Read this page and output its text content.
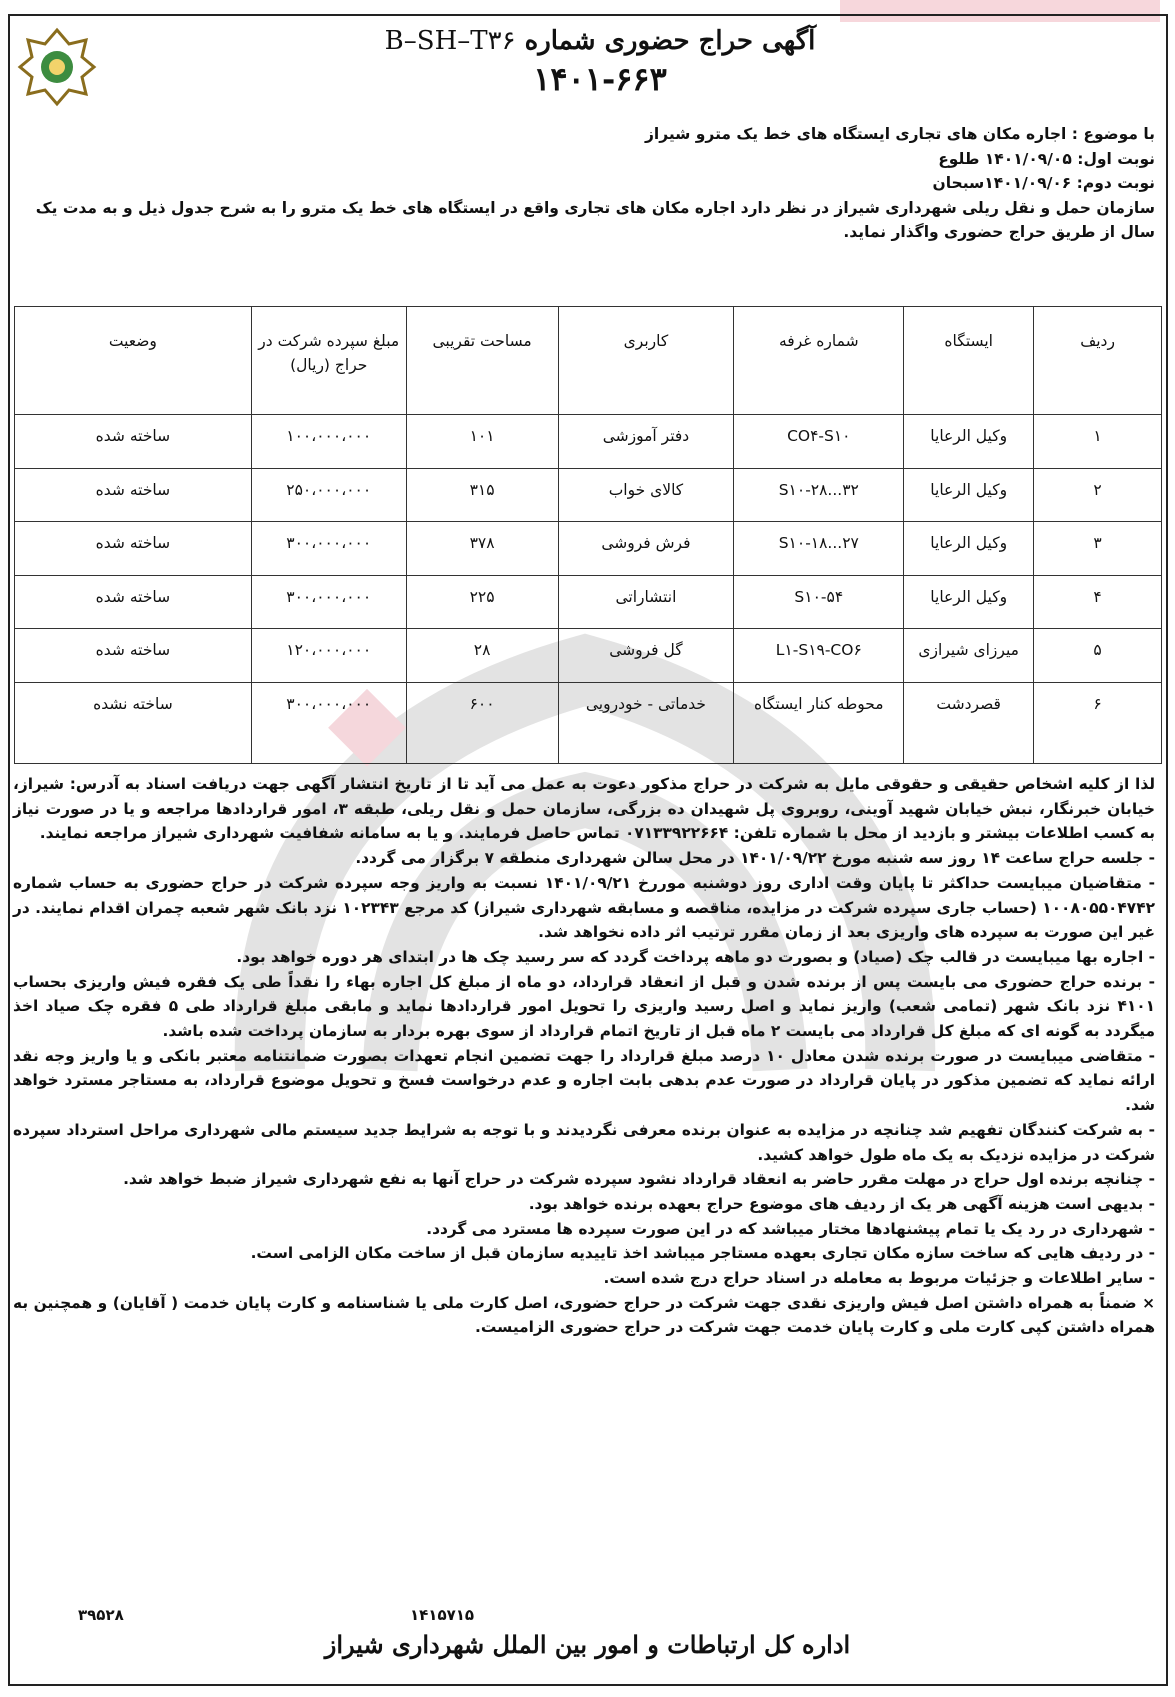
آگهی حراج حضوری شماره B–SH–T۳۶
۱۴۰۱-۶۶۳

با موضوع : اجاره مکان های تجاری ایستگاه های خط یک مترو شیراز

نوبت اول: ۱۴۰۱/۰۹/۰۵ طلوع

نوبت دوم: ۱۴۰۱/۰۹/۰۶سبحان

سازمان حمل و نقل ریلی شهرداری شیراز در نظر دارد اجاره مکان های تجاری واقع در ایستگاه های خط یک مترو را به شرح جدول ذیل و به مدت یک سال از طریق حراج حضوری واگذار نماید.

ردیف	ایستگاه	شماره غرفه	کاربری	مساحت تقریبی	مبلغ سپرده شرکت در حراج (ریال)	وضعیت
۱	وکیل الرعایا	CO۴-S۱۰	دفتر آموزشی	۱۰۱	۱۰۰،۰۰۰،۰۰۰	ساخته شده
۲	وکیل الرعایا	S۱۰-۲۸...۳۲	کالای خواب	۳۱۵	۲۵۰،۰۰۰،۰۰۰	ساخته شده
۳	وکیل الرعایا	S۱۰-۱۸...۲۷	فرش فروشی	۳۷۸	۳۰۰،۰۰۰،۰۰۰	ساخته شده
۴	وکیل الرعایا	S۱۰-۵۴	انتشاراتی	۲۲۵	۳۰۰،۰۰۰،۰۰۰	ساخته شده
۵	میرزای شیرازی	L۱-S۱۹-CO۶	گل فروشی	۲۸	۱۲۰،۰۰۰،۰۰۰	ساخته شده
۶	قصردشت	محوطه کنار ایستگاه	خدماتی - خودرویی	۶۰۰	۳۰۰،۰۰۰،۰۰۰	ساخته نشده

لذا از کلیه اشخاص حقیقی و حقوقی مایل به شرکت در حراج مذکور دعوت به عمل می آید تا از تاریخ انتشار آگهی جهت دریافت اسناد به آدرس: شیراز، خیابان خبرنگار، نبش خیابان شهید آوینی، روبروی پل شهیدان ده بزرگی، سازمان حمل و نقل ریلی، طبقه ۳، امور قراردادها مراجعه و یا در صورت نیاز به کسب اطلاعات بیشتر و بازدید از محل با شماره تلفن: ۰۷۱۳۳۹۲۲۶۶۴ تماس حاصل فرمایند. و یا به سامانه شفافیت شهرداری شیراز مراجعه نمایند.

- جلسه حراج ساعت ۱۴ روز سه شنبه مورخ ۱۴۰۱/۰۹/۲۲ در محل سالن شهرداری منطقه ۷ برگزار می گردد.

- متقاضیان میبایست حداکثر تا پایان وقت اداری روز دوشنبه موررخ ۱۴۰۱/۰۹/۲۱ نسبت به واریز وجه سپرده شرکت در حراج حضوری به حساب شماره ۱۰۰۸۰۵۵۰۴۷۴۲ (حساب جاری سپرده شرکت در مزایده، مناقصه و مسابقه شهرداری شیراز) کد مرجع ۱۰۲۳۴۳ نزد بانک شهر شعبه چمران اقدام نمایند. در غیر این صورت به سپرده های واریزی بعد از زمان مقرر ترتیب اثر داده نخواهد شد.

- اجاره بها میبایست در قالب چک (صیاد) و بصورت دو ماهه پرداخت گردد که سر رسید چک ها در ابتدای هر دوره خواهد بود.

- برنده حراج حضوری می بایست پس از برنده شدن و قبل از انعقاد قرارداد، دو ماه از مبلغ کل اجاره بهاء را نقداً طی یک فقره فیش واریزی بحساب ۴۱۰۱ نزد بانک شهر (تمامی شعب) واریز نماید و اصل رسید واریزی را تحویل امور قراردادها نماید و مابقی مبلغ قرارداد طی ۵ فقره چک صیاد اخذ میگردد به گونه ای که مبلغ کل قرارداد می بایست ۲ ماه قبل از تاریخ اتمام قرارداد از سوی بهره بردار به سازمان پرداخت شده باشد.

- متقاضی میبایست در صورت برنده شدن معادل ۱۰ درصد مبلغ قرارداد را جهت تضمین انجام تعهدات بصورت ضمانتنامه معتبر بانکی و یا واریز وجه نقد ارائه نماید که تضمین مذکور در پایان قرارداد در صورت عدم بدهی بابت اجاره و عدم درخواست فسخ و تحویل موضوع قرارداد، به مستاجر مسترد خواهد شد.

- به شرکت کنندگان تفهیم شد چنانچه در مزایده به عنوان برنده معرفی نگردیدند و با توجه به شرایط جدید سیستم مالی شهرداری مراحل استرداد سپرده شرکت در مزایده نزدیک به یک ماه طول خواهد کشید.

- چنانچه برنده اول حراج در مهلت مقرر حاضر به انعقاد قرارداد نشود سپرده شرکت در حراج آنها به نفع شهرداری شیراز ضبط خواهد شد.

- بدیهی است هزینه آگهی هر یک از ردیف های موضوع حراج بعهده برنده خواهد بود.

- شهرداری در رد یک یا تمام پیشنهادها مختار میباشد که در این صورت سپرده ها مسترد می گردد.

- در ردیف هایی که ساخت سازه مکان تجاری بعهده مستاجر میباشد اخذ تاییدیه سازمان قبل از ساخت مکان الزامی است.

- سایر اطلاعات و جزئیات مربوط به معامله در اسناد حراج درج شده است.

× ضمناً به همراه داشتن اصل فیش واریزی نقدی جهت شرکت در حراج حضوری، اصل کارت ملی یا شناسنامه و کارت پایان خدمت ( آقایان) و همچنین به همراه داشتن کپی کارت ملی و کارت پایان خدمت جهت شرکت در حراج حضوری الزامیست.

۳۹۵۲۸	۱۴۱۵۷۱۵
اداره کل ارتباطات و امور بین الملل شهرداری شیراز
